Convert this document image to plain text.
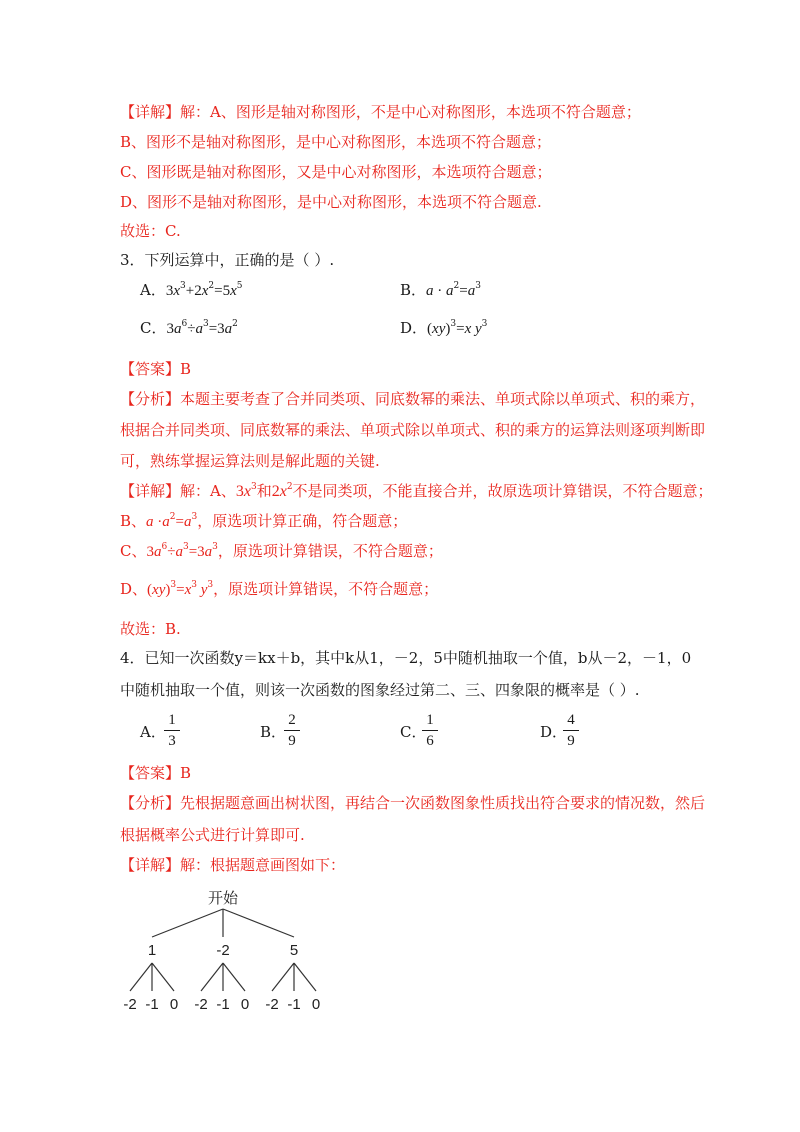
【详解】解：A、图形是轴对称图形，不是中心对称图形，本选项不符合题意；
B、图形不是轴对称图形，是中心对称图形，本选项不符合题意；
C、图形既是轴对称图形，又是中心对称图形，本选项符合题意；
D、图形不是轴对称图形，是中心对称图形，本选项不符合题意.
故选：C.
3．下列运算中，正确的是（ ）.
A．$3x^3+2x^2=5x^5$	B．$a \cdot a^2=a^3$
C．$3a^6\div a^3=3a^2$	D．(xy)$^3$=x $y^3$
【答案】B
【分析】本题主要考查了合并同类项、同底数幂的乘法、单项式除以单项式、积的乘方，
根据合并同类项、同底数幂的乘法、单项式除以单项式、积的乘方的运算法则逐项判断即
可，熟练掌握运算法则是解此题的关键.
【详解】解：A、$3x^3$和$2x^2$不是同类项，不能直接合并，故原选项计算错误，不符合题意；
B、$a \cdot a^2=a^3$，原选项计算正确，符合题意；
C、$3a^6\div a^3=3a^3$，原选项计算错误，不符合题意；
D、$(xy)^3=x^3$ $y^3$，原选项计算错误，不符合题意；
故选：B.
4．已知一次函数y＝kx＋b，其中k从1，－2，5中随机抽取一个值，b从－2，－1，0
中随机抽取一个值，则该一次函数的图象经过第二、三、四象限的概率是（ ）.
A．
1
3	B．
2
9	C．
1
6	D．
4
9
【答案】B
【分析】先根据题意画出树状图，再结合一次函数图象性质找出符合要求的情况数，然后
根据概率公式进行计算即可.
【详解】解：根据题意画图如下：
开始
1	-2	5
-2 -1 0 -2 -1 0 -2 -1 0
